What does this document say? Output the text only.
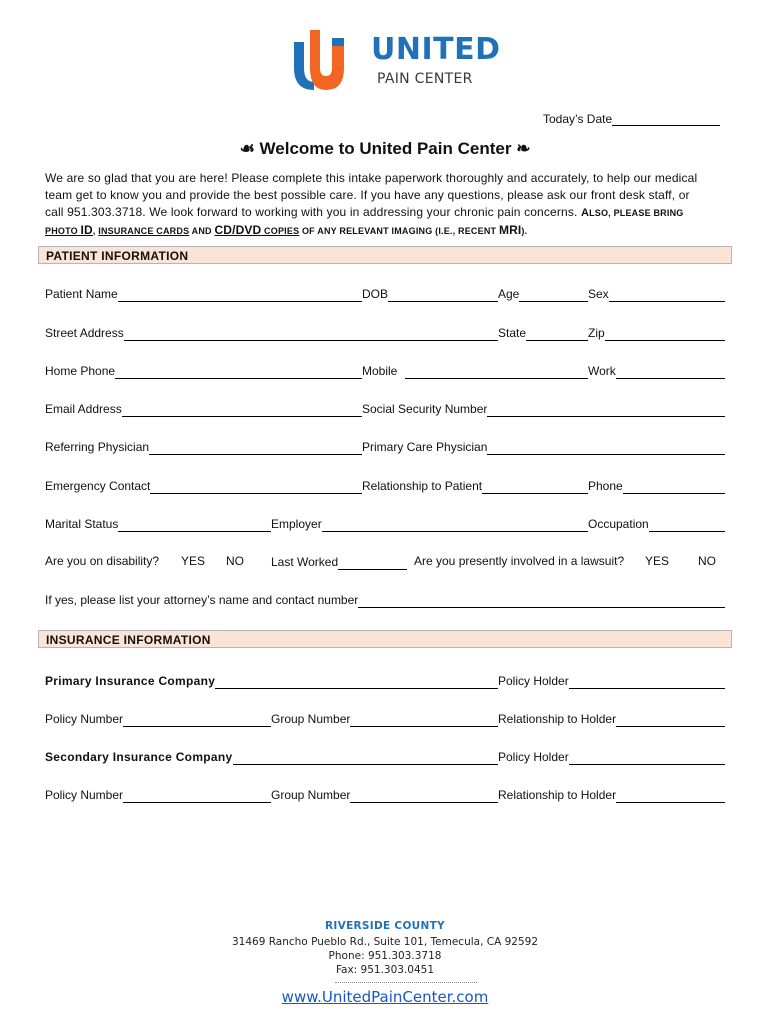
UNITED
PAIN CENTER
Today’s Date
☙ Welcome to United Pain Center ❧
We are so glad that you are here! Please complete this intake paperwork thoroughly and accurately, to help our medical
team get to know you and provide the best possible care. If you have any questions, please ask our front desk staff, or
call 951.303.3718. We look forward to working with you in addressing your chronic pain concerns. ALSO, PLEASE BRING
PHOTO ID, INSURANCE CARDS AND CD/DVD COPIES OF ANY RELEVANT IMAGING (I.E., RECENT MRI).
PATIENT INFORMATION
Patient Name	DOB	Age	Sex
Street Address	State	Zip
Home Phone	Mobile	Work
Email Address	Social Security Number
Referring Physician	Primary Care Physician
Emergency Contact	Relationship to Patient	Phone
Marital Status	Employer	Occupation
Are you on disability? YES NO Last Worked	Are you presently involved in a lawsuit? YES NO
If yes, please list your attorney’s name and contact number
INSURANCE INFORMATION
Primary Insurance Company	Policy Holder
Policy Number	Group Number	Relationship to Holder
Secondary Insurance Company	Policy Holder
Policy Number	Group Number	Relationship to Holder
RIVERSIDE COUNTY
31469 Rancho Pueblo Rd., Suite 101, Temecula, CA 92592
Phone: 951.303.3718
Fax: 951.303.0451
www.UnitedPainCenter.com
